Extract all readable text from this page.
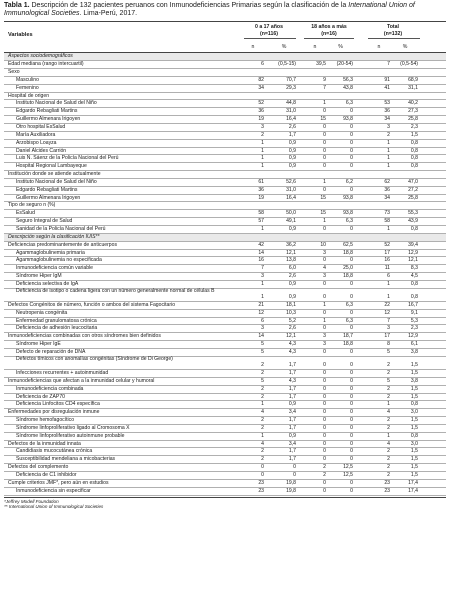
Tabla 1. Descripción de 132 pacientes peruanos con Inmunodeficiencias Primarias según la clasificación de la International Union of Immunological Societies. Lima-Perú, 2017.
Variables
0 a 17 años
(n=116)
18 años a más
(n=16)
Total
(n=132)
n	%	n	%	n	%
Aspectos sociodemográficos
Edad mediana (rango intercuartil)	6	(0,5-15)	39,5	(20-54)	7	(0,5-54)
Sexo
Masculino	82	70,7	9	56,3	91	68,9
Femenino	34	29,3	7	43,8	41	31,1
Hospital de origen
Instituto Nacional de Salud del Niño	52	44,8	1	6,3	53	40,2
Edgardo Rebagliati Martins	36	31,0	0	0	36	27,3
Guillermo Almenara Irigoyen	19	16,4	15	93,8	34	25,8
Otro hospital EsSalud	3	2,6	0	0	3	2,3
María Auxiliadora	2	1,7	0	0	2	1,5
Arzobispo Loayza	1	0,9	0	0	1	0,8
Daniel Alcides Carrión	1	0,9	0	0	1	0,8
Luis N. Sáenz de la Policía Nacional del Perú	1	0,9	0	0	1	0,8
Hospital Regional Lambayeque	1	0,9	0	0	1	0,8
Institución donde se atiende actualmente
Instituto Nacional de Salud del Niño	61	52,6	1	6,2	62	47,0
Edgardo Rebagliati Martins	36	31,0	0	0	36	27,2
Guillermo Almenara Irigoyen	19	16,4	15	93,8	34	25,8
Tipo de seguro n (%)
EsSalud	58	50,0	15	93,8	73	55,3
Seguro Integral de Salud	57	49,1	1	6,3	58	43,9
Sanidad de la Policía Nacional del Perú	1	0,9	0	0	1	0,8
Descripción según la clasificación IUIS**
Deficiencias predominantemente de anticuerpos	42	36,2	10	62,5	52	39,4
Agammaglobulinemia primaria	14	12,1	3	18,8	17	12,9
Agammaglobulinemia no especificada	16	13,8	0	0	16	12,1
Inmunodeficiencia común variable	7	6,0	4	25,0	11	8,3
Síndrome Hiper IgM	3	2,6	3	18,8	6	4,5
Deficiencia selectiva de IgA	1	0,9	0	0	1	0,8
Deficiencia de isotipo o cadena ligera con un número generalmente normal de células B
1	0,9	0	0	1	0,8
Defectos Congénitos de número, función o ambos del sistema Fagocitario	21	18,1	1	6,3	22	16,7
Neutropenia congénita	12	10,3	0	0	12	9,1
Enfermedad granulomatosa crónica	6	5,2	1	6,3	7	5,3
Deficiencia de adhesión leucocitaria	3	2,6	0	0	3	2,3
Inmunodeficiencias combinadas con otros síndromes bien definidos	14	12,1	3	18,7	17	12,9
Síndrome Hiper IgE	5	4,3	3	18,8	8	6,1
Defecto de reparación de DNA	5	4,3	0	0	5	3,8
Defectos tímicos con anomalías congénitas (Síndrome de Di George)
2	1,7	0	0	2	1,5
Infecciones recurrentes + autoinmunidad	2	1,7	0	0	2	1,5
Inmunodeficiencias que afectan a la inmunidad celular y humoral	5	4,3	0	0	5	3,8
Inmunodeficiencia combinada	2	1,7	0	0	2	1,5
Deficiencia de ZAP70	2	1,7	0	0	2	1,5
Deficiencia Linfocitos CD4 específica	1	0,9	0	0	1	0,8
Enfermedades por disregulación inmune	4	3,4	0	0	4	3,0
Síndrome hemofagocítico	2	1,7	0	0	2	1,5
Síndrome linfoproliferativo ligado al Cromosoma X	2	1,7	0	0	2	1,5
Síndrome linfoproliferativo autoinmune probable	1	0,9	0	0	1	0,8
Defectos de la inmunidad innata	4	3,4	0	0	4	3,0
Candidiasis mucocutánea crónica	2	1,7	0	0	2	1,5
Susceptibilidad mendeliana a micobacterias	2	1,7	0	0	2	1,5
Defectos del complemento	0	0	2	12,5	2	1,5
Deficiencia de C1 inhibidor	0	0	2	12,5	2	1,5
Cumple criterios JMF*, pero aún en estudios	23	19,8	0	0	23	17,4
Inmunodeficiencia sin especificar	23	19,8	0	0	23	17,4
*Jeffrey Modell Foundation
** International Union of Immunological Societies
